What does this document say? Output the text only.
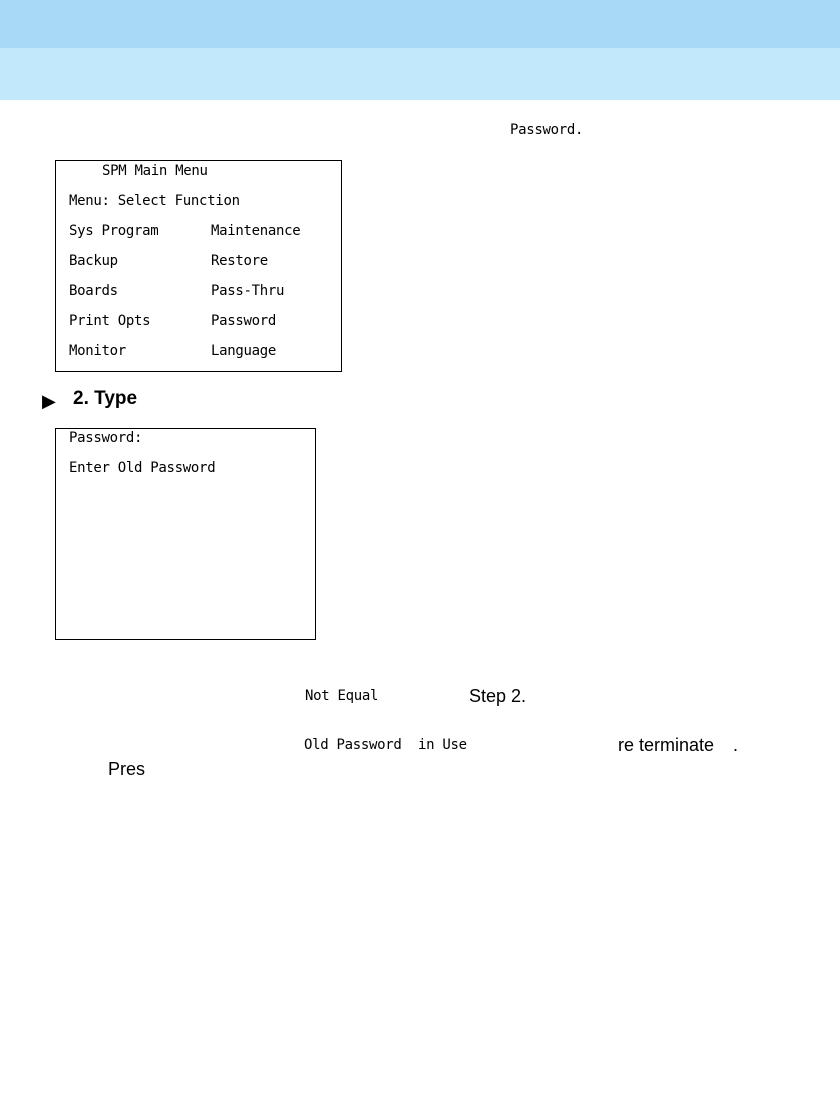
Password.
SPM Main Menu
Menu: Select Function
Sys Program	Maintenance
Backup	Restore
Boards	Pass-Thru
Print Opts	Password
Monitor	Language
▶ 2. Type
Password:
Enter Old Password
Not Equal	Step 2.
Old Password in Use	re terminate .
Pres
